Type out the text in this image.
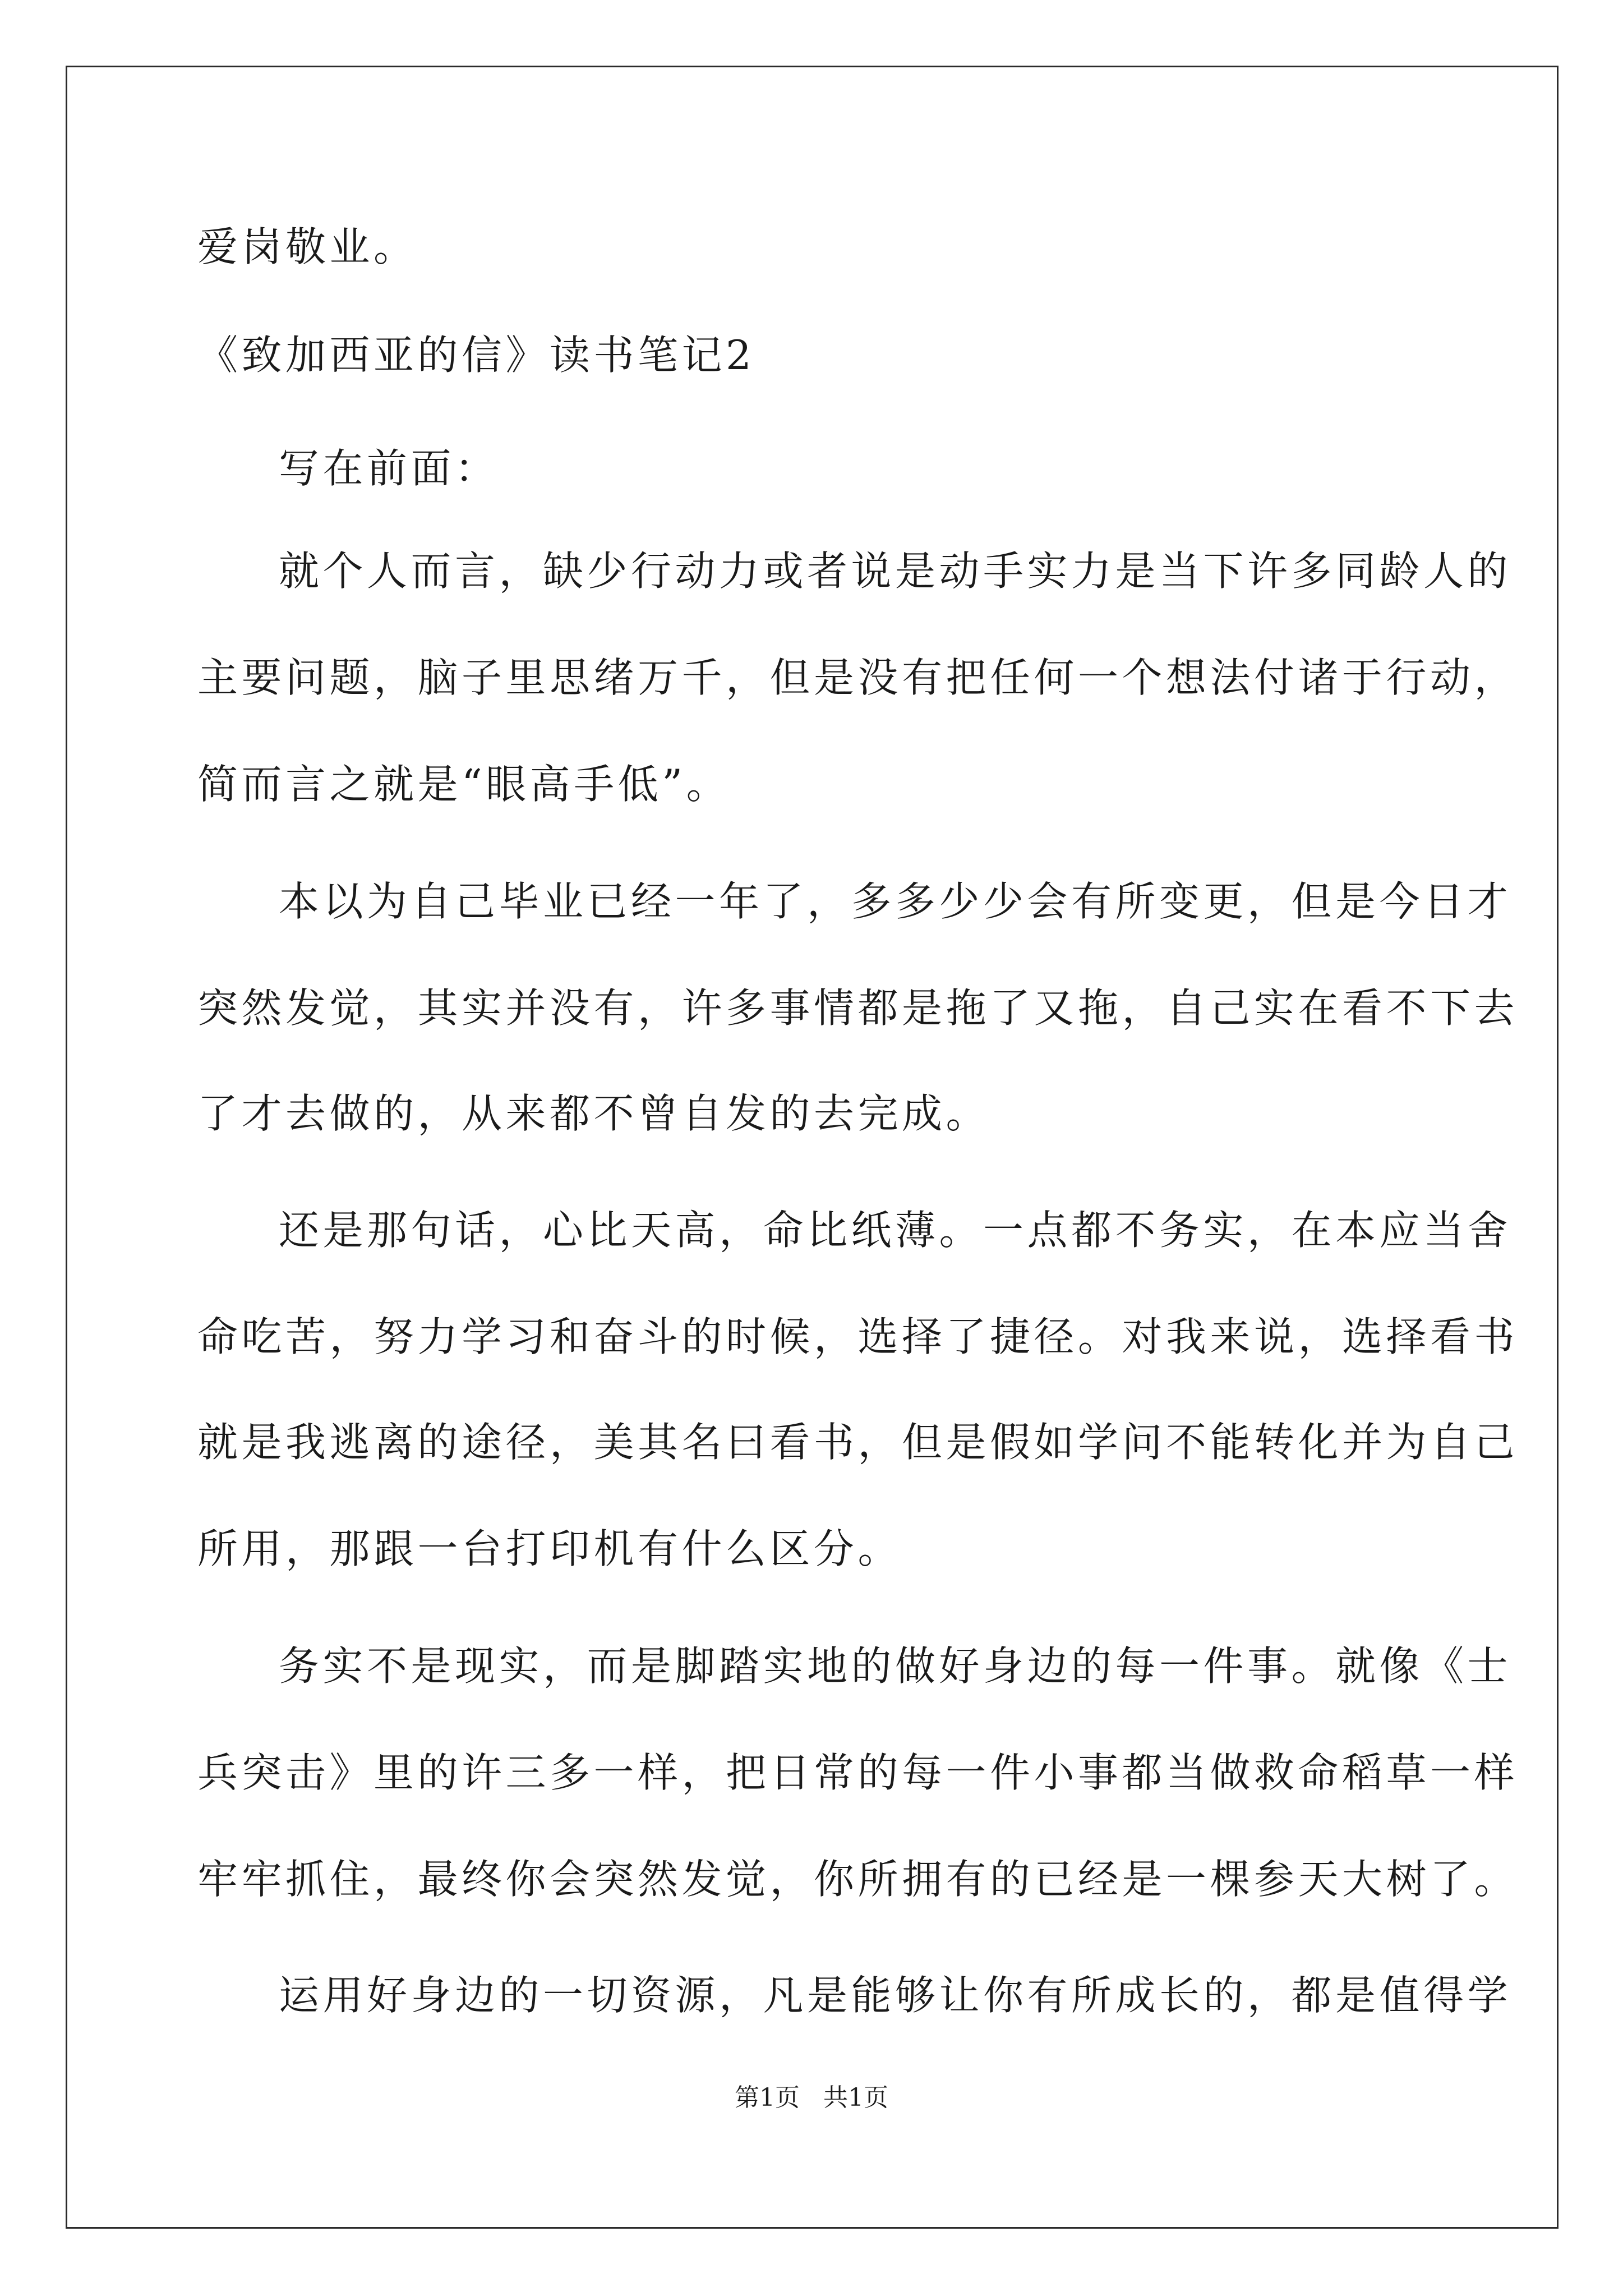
爱岗敬业。
《致加西亚的信》读书笔记2
写在前面：
就个人而言，缺少行动力或者说是动手实力是当下许多同龄人的
主要问题，脑子里思绪万千，但是没有把任何一个想法付诸于行动，
简而言之就是“眼高手低”。
本以为自己毕业已经一年了，多多少少会有所变更，但是今日才
突然发觉，其实并没有，许多事情都是拖了又拖，自己实在看不下去
了才去做的，从来都不曾自发的去完成。
还是那句话，心比天高，命比纸薄。一点都不务实，在本应当舍
命吃苦，努力学习和奋斗的时候，选择了捷径。对我来说，选择看书
就是我逃离的途径，美其名曰看书，但是假如学问不能转化并为自己
所用，那跟一台打印机有什么区分。
务实不是现实，而是脚踏实地的做好身边的每一件事。就像《士
兵突击》里的许三多一样，把日常的每一件小事都当做救命稻草一样
牢牢抓住，最终你会突然发觉，你所拥有的已经是一棵参天大树了。
运用好身边的一切资源，凡是能够让你有所成长的，都是值得学
第1页   共1页
